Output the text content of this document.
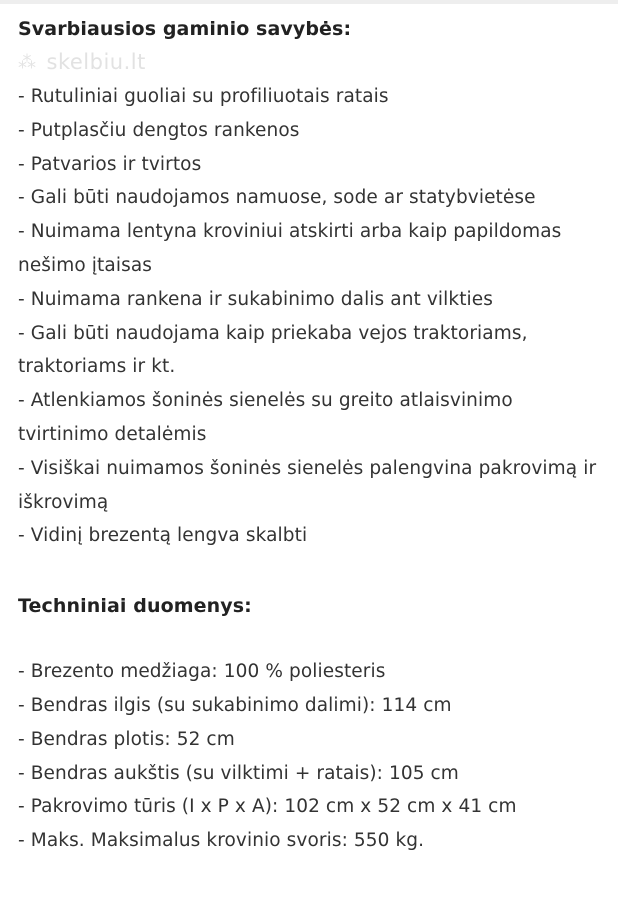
Svarbiausios gaminio savybės:
⁂ skelbiu.lt
- Rutuliniai guoliai su profiliuotais ratais
- Putplasčiu dengtos rankenos
- Patvarios ir tvirtos
- Gali būti naudojamos namuose, sode ar statybvietėse
- Nuimama lentyna kroviniui atskirti arba kaip papildomas nešimo įtaisas
- Nuimama rankena ir sukabinimo dalis ant vilkties
- Gali būti naudojama kaip priekaba vejos traktoriams, traktoriams ir kt.
- Atlenkiamos šoninės sienelės su greito atlaisvinimo tvirtinimo detalėmis
- Visiškai nuimamos šoninės sienelės palengvina pakrovimą ir iškrovimą
- Vidinį brezentą lengva skalbti
Techniniai duomenys:
- Brezento medžiaga: 100 % poliesteris
- Bendras ilgis (su sukabinimo dalimi): 114 cm
- Bendras plotis: 52 cm
- Bendras aukštis (su vilktimi + ratais): 105 cm
- Pakrovimo tūris (I x P x A): 102 cm x 52 cm x 41 cm
- Maks. Maksimalus krovinio svoris: 550 kg.
